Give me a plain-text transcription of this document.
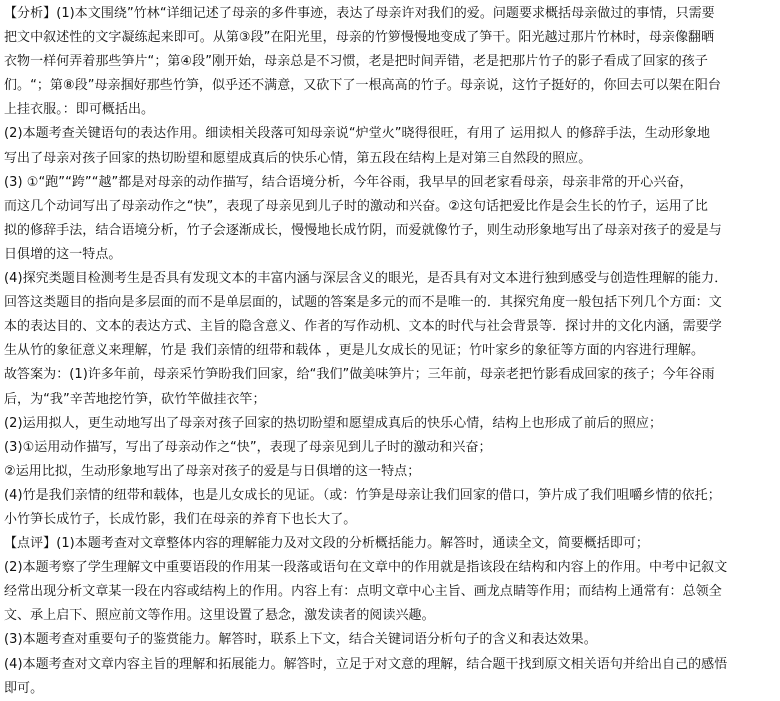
【分析】(1)本文围绕”竹林“详细记述了母亲的多件事迹，表达了母亲许对我们的爱。问题要求概括母亲做过的事情，只需要
把文中叙述性的文字凝练起来即可。从第③段”在阳光里，母亲的竹箩慢慢地变成了笋干。阳光越过那片竹林时，母亲像翻晒
衣物一样何弄着那些笋片“；第④段”刚开始，母亲总是不习惯，老是把时间弄错，老是把那片竹子的影子看成了回家的孩子
们。“；第⑧段”母亲掴好那些竹笋，似乎还不满意，又砍下了一根高高的竹子。母亲说，这竹子挺好的，你回去可以架在阳台
上挂衣服。：即可概括出。
(2)本题考查关键语句的表达作用。细读相关段落可知母亲说“炉堂火”晓得很旺，有用了 运用拟人 的修辞手法，生动形象地
写出了母亲对孩子回家的热切盼望和愿望成真后的快乐心情，第五段在结构上是对第三自然段的照应。
(3) ①“跑”“跨”“越”都是对母亲的动作描写，结合语境分析，今年谷雨，我早早的回老家看母亲，母亲非常的开心兴奋，
而这几个动词写出了母亲动作之“快”，表现了母亲见到儿子时的激动和兴奋。②这句话把爱比作是会生长的竹子，运用了比
拟的修辞手法，结合语境分析，竹子会逐渐成长，慢慢地长成竹阴，而爱就像竹子，则生动形象地写出了母亲对孩子的爱是与
日俱增的这一特点。
(4)探究类题目检测考生是否具有发现文本的丰富内涵与深层含义的眼光，是否具有对文本进行独到感受与创造性理解的能力．
回答这类题目的指向是多层面的而不是单层面的，试题的答案是多元的而不是唯一的．其探究角度一般包括下列几个方面：文
本的表达目的、文本的表达方式、主旨的隐含意义、作者的写作动机、文本的时代与社会背景等．探讨井的文化内涵，需要学
生从竹的象征意义来理解，竹是 我们亲情的纽带和载体 ，更是儿女成长的见证；竹叶家乡的象征等方面的内容进行理解。
故答案为：(1)许多年前，母亲采竹笋盼我们回家，给“我们”做美味笋片；三年前，母亲老把竹影看成回家的孩子；今年谷雨
后，为“我”辛苦地挖竹笋，砍竹竿做挂衣竿；
(2)运用拟人，更生动地写出了母亲对孩子回家的热切盼望和愿望成真后的快乐心情，结构上也形成了前后的照应；
(3)①运用动作描写，写出了母亲动作之“快”，表现了母亲见到儿子时的激动和兴奋；
②运用比拟，生动形象地写出了母亲对孩子的爱是与日俱增的这一特点；
(4)竹是我们亲情的纽带和载体，也是儿女成长的见证。（或：竹笋是母亲让我们回家的借口，笋片成了我们咀嚼乡情的依托；
小竹笋长成竹子，长成竹影，我们在母亲的养育下也长大了。
【点评】(1)本题考查对文章整体内容的理解能力及对文段的分析概括能力。解答时，通读全文，简要概括即可；
(2)本题考察了学生理解文中重要语段的作用某一段落或语句在文章中的作用就是指该段在结构和内容上的作用。中考中记叙文
经常出现分析文章某一段在内容或结构上的作用。内容上有：点明文章中心主旨、画龙点睛等作用；而结构上通常有：总领全
文、承上启下、照应前文等作用。这里设置了悬念，激发读者的阅读兴趣。
(3)本题考查对重要句子的鉴赏能力。解答时，联系上下文，结合关键词语分析句子的含义和表达效果。
(4)本题考查对文章内容主旨的理解和拓展能力。解答时，立足于对文意的理解，结合题干找到原文相关语句并给出自己的感悟
即可。
